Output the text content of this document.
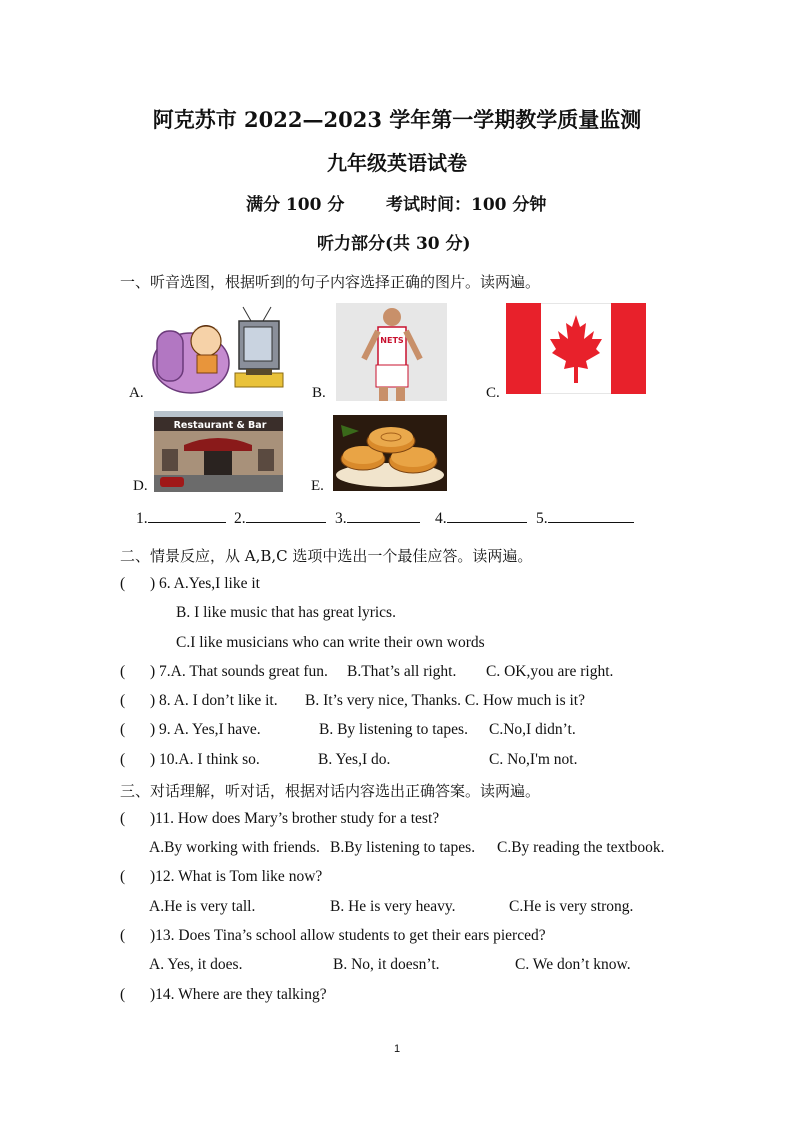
阿克苏市 2022—2023 学年第一学期教学质量监测
九年级英语试卷
满分 100 分 考试时间：100 分钟
听力部分(共 30 分)
一、听音选图，根据听到的句子内容选择正确的图片。读两遍。
A.
NETS
B.	C.
Restaurant & Bar
D.	E.
1.	2.	3.	4.	5.
二、情景反应，从 A,B,C 选项中选出一个最佳应答。读两遍。
( ) 6. A.Yes,I like it
B. I like music that has great lyrics.
C.I like musicians who can write their own words
( ) 7.A. That sounds great fun. B.That’s all right. C. OK,you are right.
( ) 8. A. I don’t like it. B. It’s very nice, Thanks. C. How much is it?
( ) 9. A. Yes,I have.	B. By listening to tapes. C.No,I didn’t.
( ) 10.A. I think so.	B. Yes,I do.	C. No,I'm not.
三、对话理解，听对话，根据对话内容选出正确答案。读两遍。
( )11. How does Mary’s brother study for a test?
A.By working with friends. B.By listening to tapes. C.By reading the textbook.
( )12. What is Tom like now?
A.He is very tall.	B. He is very heavy.	C.He is very strong.
( )13. Does Tina’s school allow students to get their ears pierced?
A. Yes, it does.	B. No, it doesn’t.	C. We don’t know.
( )14. Where are they talking?
1
